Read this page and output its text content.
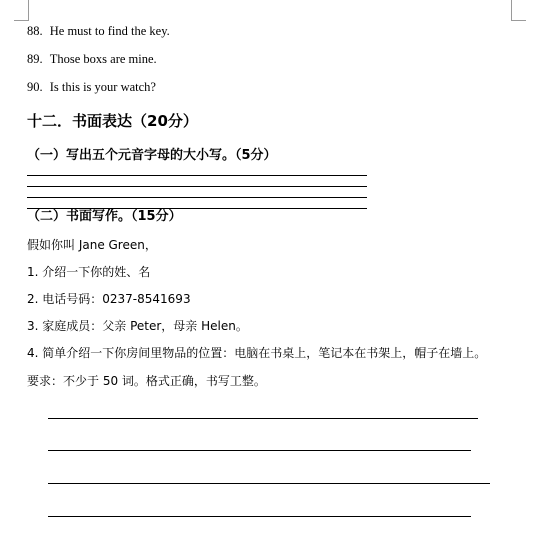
88. He must to find the key.
89. Those boxs are mine.
90. Is this is your watch?
十二．书面表达（20分）
（一）写出五个元音字母的大小写。（5分）
（二）书面写作。（15分）
假如你叫 Jane Green，
1. 介绍一下你的姓、名
2. 电话号码：0237-8541693
3. 家庭成员：父亲 Peter，母亲 Helen。
4. 简单介绍一下你房间里物品的位置：电脑在书桌上，笔记本在书架上，帽子在墙上。
要求：不少于 50 词。格式正确，书写工整。
